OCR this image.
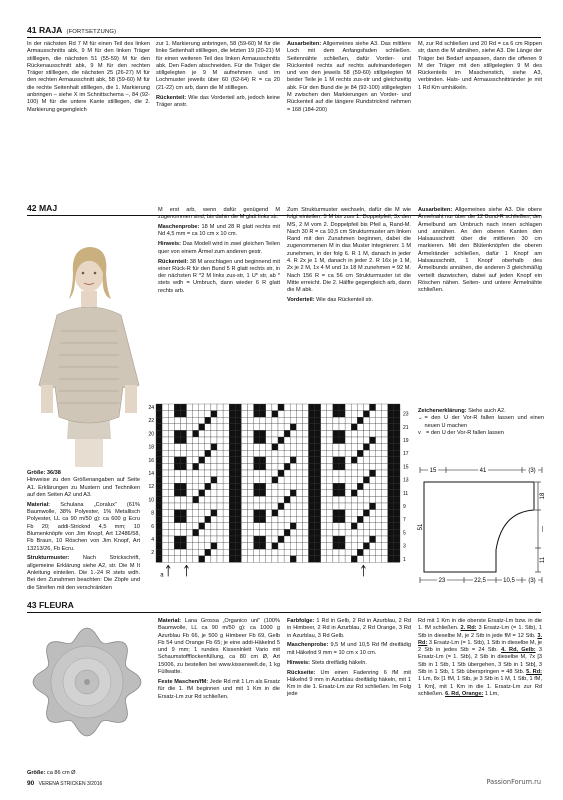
41 RAJA (FORTSETZUNG)

In der nächsten Rd 7 M für einen Teil des linken Armausschnitts abk, 9 M für den linken Träger stilllegen, die nächsten 51 (55-59) M für den Rückenausschnitt abk, 9 M für den rechten Träger stilllegen, die nächsten 25 (26-27) M für den rechten Armausschnitt abk, 58 (59-60) M für die rechte Seitenhalt stilllegen, die 1. Markierung anbringen – siehe X im Schnittschema –, 84 (92-100) M für die untere Kante stilllegen, die 2. Markierung gegengleich

zur 1. Markierung anbringen, 58 (59-60) M für die linke Seitenhalt stilllegen, die letzten 19 (20-21) M für einen weiteren Teil des linken Armausschnitts abk. Den Faden abschneiden. Für die Träger die stillgelegten je 9 M aufnehmen und im Lochmuster jeweils über 60 (62-64) R = ca 20 (21-22) cm arb, dann die M stilllegen.

Rückenteil: Wie das Vorderteil arb, jedoch keine Träger anstr.

Ausarbeiten: Allgemeines siehe A3. Das mittlere Loch mit dem Anfangsfaden schließen. Seitennähte schließen, dafür Vorder- und Rückenteil rechts auf rechts aufeinanderlegen und von den jeweils 58 (59-60) stillgelegten M beider Teile je 1 M rechts zus-str und gleichzeitig abk. Für den Bund die je 84 (92-100) stillgelegten M zwischen den Markierungen an Vorder- und Rückenteil auf die längere Rundstricknd nehmen = 168 (184-200)

M, zur Rd schließen und 20 Rd = ca 6 cm Rippen str, dann die M abnähen, siehe A3. Die Länge der Träger bei Bedarf anpassen, dann die offenen 9 M der Träger mit den stillgelegten 9 M des Rückenteils im Maschenstich, siehe A3, verbinden. Hals- und Armausschnittränder je mit 1 Rd Km umhäkeln.

42 MAJ

Größe: 36/38
Hinweise zu den Größenangaben auf Seite A1. Erklärungen zu Mustern und Techniken auf den Seiten A2 und A3.

Material: Schulana „Coralux“ (61% Baumwolle, 38% Polyester, 1% Metallisch Polyester, LL ca 90 m/50 g): ca 600 g Ecru Fb 20; addi-Stricknd 4,5 mm; 10 Blumenknöpfe von Jim Knopf, Art 12486/58, Fb Braun, 10 Röschen von Jim Knopf, Art 13213/26, Fb Ecru.

Strukturmuster: Nach Strickschrift, allgemeine Erklärung siehe A2, str. Die M It Anleitung einteilen. Die 1.-24 R stets wdh. Bei den Zunahmen beachten: Die Zöpfe und die Streifen mit den verschränkten

M erst arb, wenn dafür genügend M zugenommen sind, bis dahin die M glatt links str.

Maschenprobe: 18 M und 28 R glatt rechts mit Nd 4,5 mm = ca 10 cm x 10 cm.

Hinweis: Das Modell wird in zwei gleichen Teilen quer von einem Ärmel zum anderen gestr.

Rückenteil: 38 M anschlagen und beginnend mit einer Rück-R für den Bund 5 R glatt rechts str, in der nächsten R *2 M links zus-str, 1 U* str, ab * stets wdh = Umbruch, dann wieder 6 R glatt rechts arb.

Zum Strukturmuster wechseln, dafür die M wie folgt einteilen: 5 M bis zum 1. Doppelpfeil, 3x den MS, 2 M vom 2. Doppelpfeil bis Pfeil a, Rand-M. Nach 30 R = ca 10,5 cm Strukturmuster am linken Rand mit den Zunahmen beginnen, dabei die zugenommenen M in das Muster integrieren: 1 M zunehmen, in der folg 6. R 1 M, danach in jeder 4. R 2x je 1 M, danach in jeder 2. R 16x je 1 M, 2x je 2 M, 1x 4 M und 1x 18 M zunehmen = 92 M. Nach 156 R = ca 56 cm Strukturmuster ist die Mitte erreicht. Die 2. Hälfte gegengleich arb, dann die M abk.

Vorderteil: Wie das Rückenteil str.

Ausarbeiten: Allgemeines siehe A3. Die obere Ärmelnaht nur über die 12 Bund-R schließen, den Ärmelbund am Umbruch nach innen schlagen und annähen. An den oberen Kanten den Halsausschnitt über die mittleren 30 cm markieren. Mit den Blütenknöpfen die oberen Ärmelränder schließen, dafür 1 Knopf am Halsausschnitt, 1 Knopf oberhalb des Ärmelbunds annähen, die anderen 3 gleichmäßig verteilt dazwischen, dabei auf jeden Knopf ein Röschen nähen. Seiten- und untere Ärmelnähte schließen.

23
21
19
17
15
13
11
9
7
5
3
1
24
22
20
18
16
14
12
10
8
6
4
2
a

Zeichenerklärung: Siehe auch A2.

⌄ = den U der Vor-R fallen lassen und einen neuen U machen
v = den U der Vor-R fallen lassen
15	41	(3)
51
18
—
11
23	22,5	10,5 (3)
43 FLEURA

Größe: ca 86 cm Ø

Material: Lana Grossa „Organico uni“ (100% Baumwolle, LL ca 90 m/50 g): ca 1000 g Azurblau Fb 66, je 500 g Himbeer Fb 69, Gelb Fb 54 und Orange Fb 65; je eine addi-Häkelnd 5 und 9 mm; 1 rundes Kissenlnlett Vario mit Schaumstoffflockenfüllung, ca 80 cm Ø, Art 15006, zu bestellen bei www.kissenwelt.de, 1 kg Füllwatte.

Feste Maschen/fM: Jede Rd mit 1 Lm als Ersatz für die 1. fM beginnen und mit 1 Km in die Ersatz-Lm zur Rd schließen.

Farbfolge: 1 Rd in Gelb, 2 Rd in Azurblau, 2 Rd in Himbeer, 2 Rd in Azurblau, 2 Rd Orange, 3 Rd in Azurblau, 3 Rd Gelb.

Maschenprobe: 9,5 M und 10,5 Rd fM dreifädig mit Häkelnd 9 mm = 10 cm x 10 cm.

Hinweis: Stets dreifädig häkeln.

Rückseite: Um einen Fadenring 6 fM mit Häkelnd 9 mm in Azurblau dreifädig häkeln, mit 1 Km in die 1. Ersatz-Lm zur Rd schließen. Im Folg jede

Rd mit 1 Km in die oberste Ersatz-Lm bzw. in die 1. fM schließen. 2. Rd: 3 Ersatz-Lm (= 1. Stb), 1 Stb in dieselbe M, je 2 Stb in jede fM = 12 Stb. 3. Rd: 3 Ersatz-Lm (= 1. Stb), 1 Stb in dieselbe M, je 2 Stb in jedes Stb = 24 Stb. 4. Rd, Gelb: 3 Ersatz-Lm (= 1. Stb), 2 Stb in dieselbe M, 7x [3 Stb in 1 Stb, 1 Stb übergehen, 3 Stb in 1 Stb], 3 Stb in 1 Stb, 1 Stb überspringen = 48 Stb. 5. Rd: 1 Lm, 8x [1 fM, 1 Stb, je 3 Stb in 1 M, 1 Stb, 1 fM, 1 Km], mit 1 Km in die 1. Ersatz-Lm zur Rd schließen. 6. Rd, Orange: 1 Lm,

90 VERENA STRICKEN 3/2016	PassionForum.ru
